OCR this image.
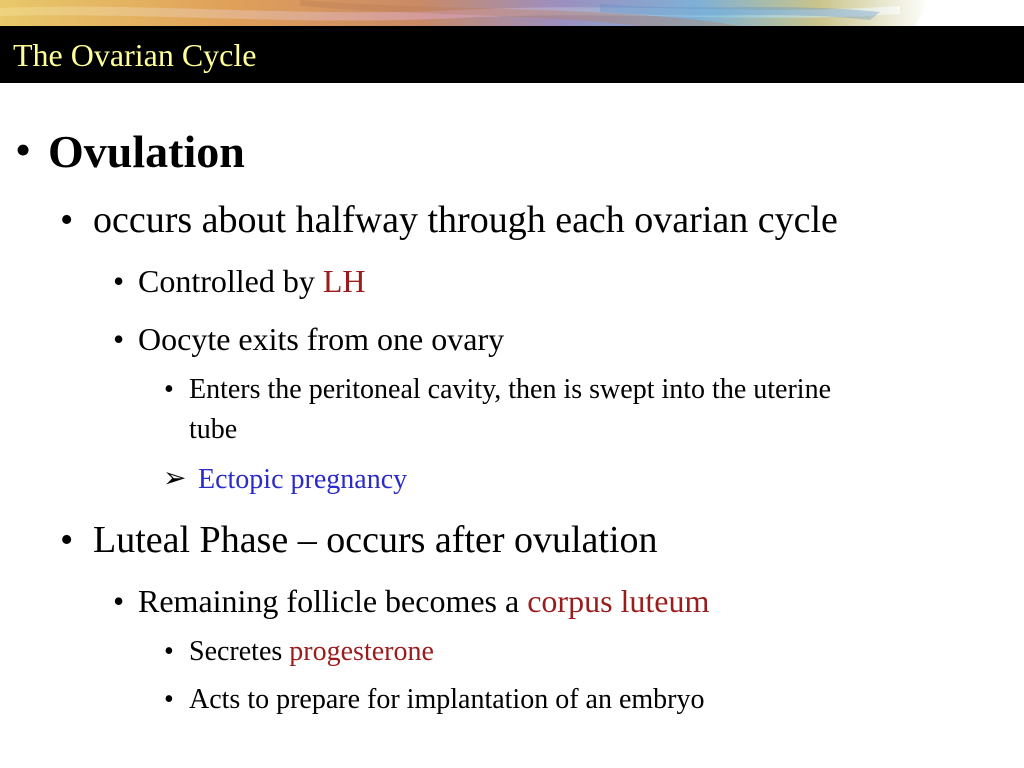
The Ovarian Cycle
• Ovulation
• occurs about halfway through each ovarian cycle
• Controlled by LH
• Oocyte exits from one ovary
• Enters the peritoneal cavity, then is swept into the uterine
tube
➢ Ectopic pregnancy
• Luteal Phase – occurs after ovulation
• Remaining follicle becomes a corpus luteum
• Secretes progesterone
• Acts to prepare for implantation of an embryo
